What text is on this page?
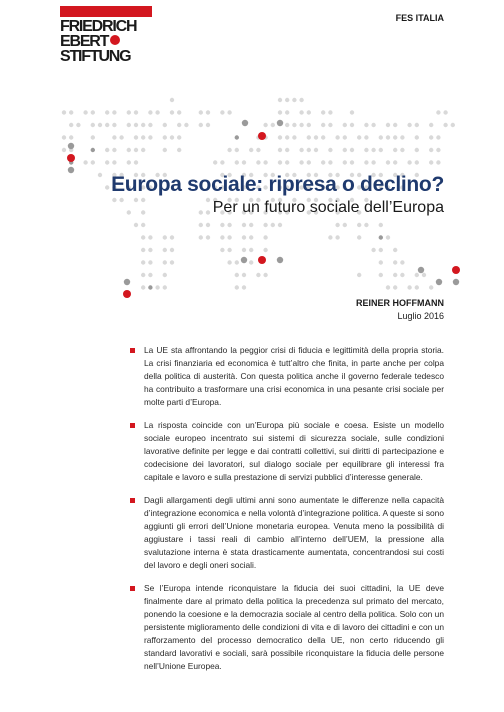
FRIEDRICH
EBERT
STIFTUNG
FES ITALIA
Europa sociale: ripresa o declino?
Per un futuro sociale dell’Europa
REINER HOFFMANN
Luglio 2016
La UE sta affrontando la peggior crisi di fiducia e legittimità della propria storia. La crisi finanziaria ed economica è tutt’altro che finita, in parte anche per colpa della politica di austerità. Con questa politica anche il governo federale tedesco ha contribuito a trasformare una crisi economica in una pesante crisi sociale per molte parti d’Europa.
La risposta coincide con un’Europa più sociale e coesa. Esiste un modello sociale europeo incentrato sui sistemi di sicurezza sociale, sulle condizioni lavorative definite per legge e dai contratti collettivi, sui diritti di partecipazione e codecisione dei lavoratori, sul dialogo sociale per equilibrare gli interessi fra capitale e lavoro e sulla prestazione di servizi pubblici d’interesse generale.
Dagli allargamenti degli ultimi anni sono aumentate le differenze nella capacità d’integrazione economica e nella volontà d’integrazione politica. A queste si sono aggiunti gli errori dell’Unione monetaria europea. Venuta meno la possibilità di aggiustare i tassi reali di cambio all’interno dell’UEM, la pressione alla svalutazione interna è stata drasticamente aumentata, concentrandosi sui costi del lavoro e degli oneri sociali.
Se l’Europa intende riconquistare la fiducia dei suoi cittadini, la UE deve finalmente dare al primato della politica la precedenza sul primato del mercato, ponendo la coesione e la democrazia sociale al centro della politica. Solo con un persistente miglioramento delle condizioni di vita e di lavoro dei cittadini e con un rafforzamento del processo democratico della UE, non certo riducendo gli standard lavorativi e sociali, sarà possibile riconquistare la fiducia delle persone nell’Unione Europea.
